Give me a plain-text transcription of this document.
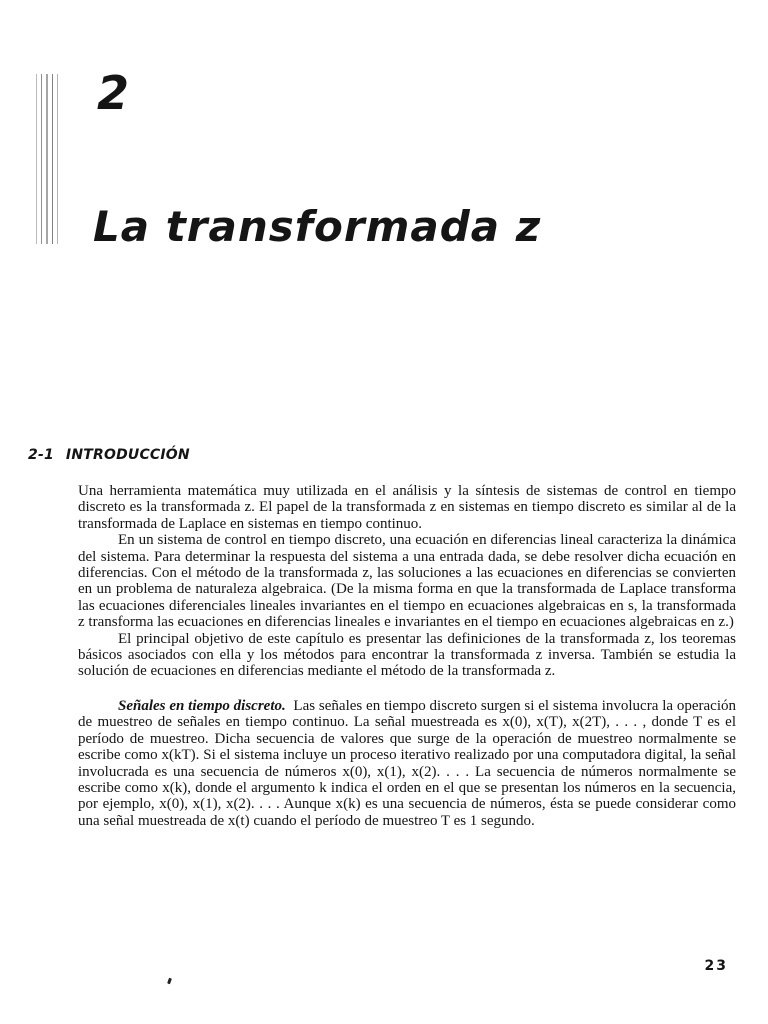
2
La transformada z
2-1 INTRODUCCIÓN

Una herramienta matemática muy utilizada en el análisis y la síntesis de sistemas de control en tiempo discreto es la transformada z. El papel de la transformada z en sistemas en tiempo discreto es similar al de la transformada de Laplace en sistemas en tiempo continuo.

En un sistema de control en tiempo discreto, una ecuación en diferencias lineal caracteriza la dinámica del sistema. Para determinar la respuesta del sistema a una entrada dada, se debe resolver dicha ecuación en diferencias. Con el método de la transformada z, las soluciones a las ecuaciones en diferencias se convierten en un problema de naturaleza algebraica. (De la misma forma en que la transformada de Laplace transforma las ecuaciones diferenciales lineales invariantes en el tiempo en ecuaciones algebraicas en s, la transformada z transforma las ecuaciones en diferencias lineales e invariantes en el tiempo en ecuaciones algebraicas en z.)

El principal objetivo de este capítulo es presentar las definiciones de la transformada z, los teoremas básicos asociados con ella y los métodos para encontrar la transformada z inversa. También se estudia la solución de ecuaciones en diferencias mediante el método de la transformada z.

Señales en tiempo discreto. Las señales en tiempo discreto surgen si el sistema involucra la operación de muestreo de señales en tiempo continuo. La señal muestreada es x(0), x(T), x(2T), . . . , donde T es el período de muestreo. Dicha secuencia de valores que surge de la operación de muestreo normalmente se escribe como x(kT). Si el sistema incluye un proceso iterativo realizado por una computadora digital, la señal involucrada es una secuencia de números x(0), x(1), x(2). . . . La secuencia de números normalmente se escribe como x(k), donde el argumento k indica el orden en el que se presentan los números en la secuencia, por ejemplo, x(0), x(1), x(2). . . . Aunque x(k) es una secuencia de números, ésta se puede considerar como una señal muestreada de x(t) cuando el período de muestreo T es 1 segundo.

23
